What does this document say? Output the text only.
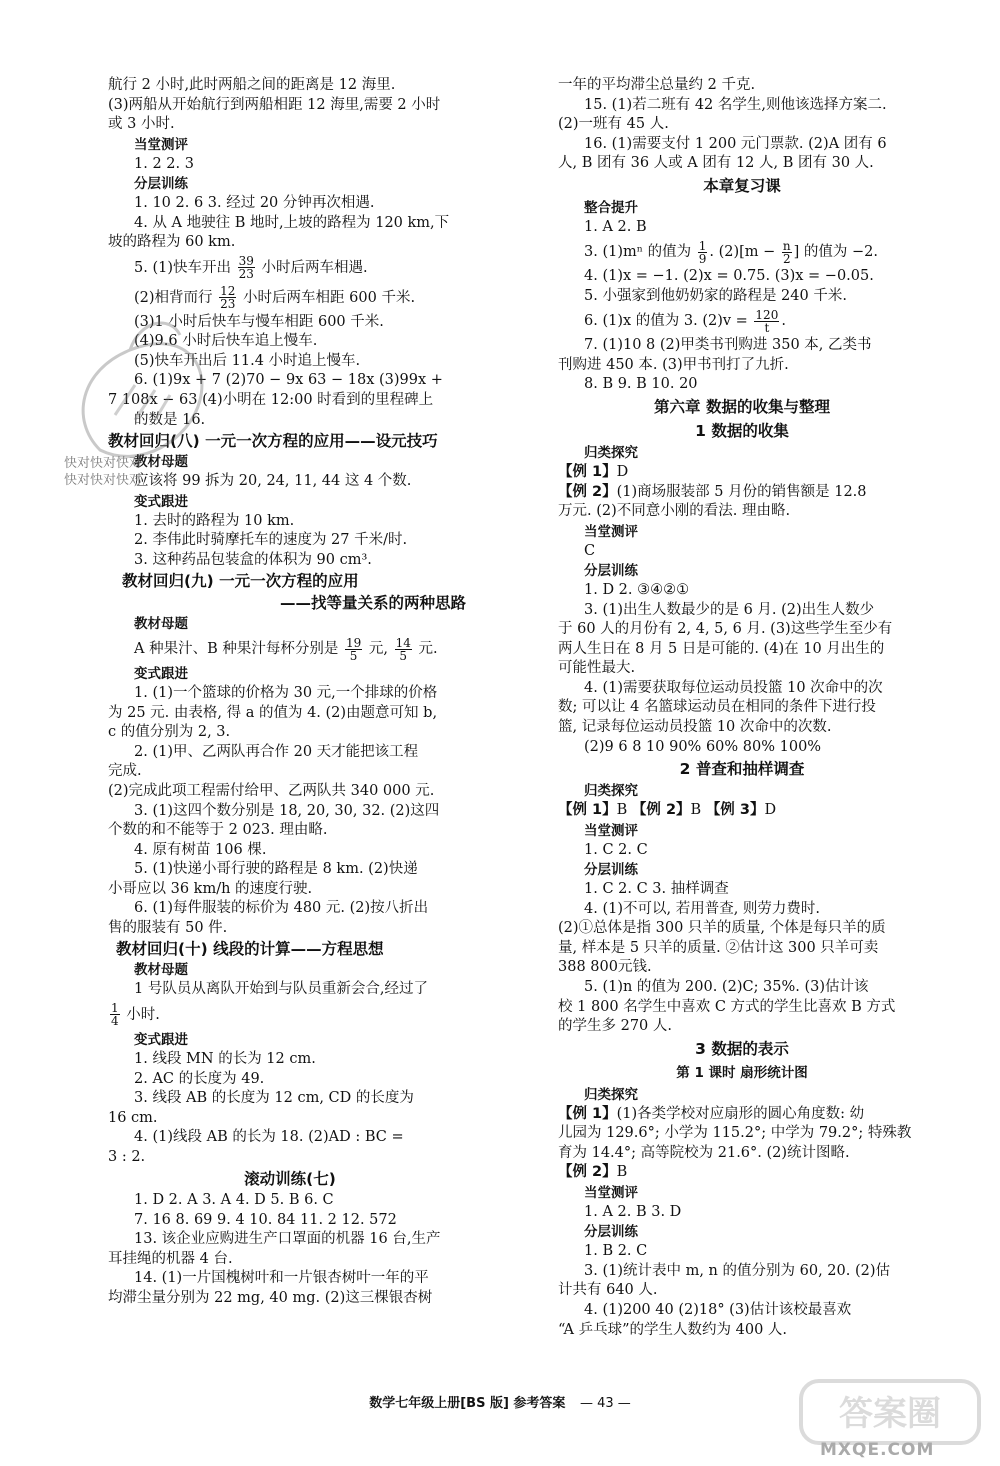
航行 2 小时,此时两船之间的距离是 12 海里.
(3)两船从开始航行到两船相距 12 海里,需要 2 小时
或 3 小时.
当堂测评
1. 2 2. 3
分层训练
1. 10 2. 6 3. 经过 20 分钟再次相遇.
4. 从 A 地驶往 B 地时,上坡的路程为 120 km,下
坡的路程为 60 km.
5. (1)快车开出 $\frac{39}{23}$ 小时后两车相遇.
(2)相背而行 $\frac{12}{23}$ 小时后两车相距 600 千米.
(3)1 小时后快车与慢车相距 600 千米.
(4)9.6 小时后快车追上慢车.
(5)快车开出后 11.4 小时追上慢车.
6. (1)9x + 7 (2)70 − 9x 63 − 18x (3)99x +
7 108x − 63 (4)小明在 12:00 时看到的里程碑上
的数是 16.
教材回归(八) 一元一次方程的应用——设元技巧
教材母题
应该将 99 拆为 20, 24, 11, 44 这 4 个数.
变式跟进
1. 去时的路程为 10 km.
2. 李伟此时骑摩托车的速度为 27 千米/时.
3. 这种药品包装盒的体积为 90 cm³.
教材回归(九) 一元一次方程的应用
——找等量关系的两种思路
教材母题
A 种果汁、B 种果汁每杯分别是 $\frac{19}{5}$ 元, $\frac{14}{5}$ 元.
变式跟进
1. (1)一个篮球的价格为 30 元,一个排球的价格
为 25 元. 由表格, 得 a 的值为 4. (2)由题意可知 b,
c 的值分别为 2, 3.
2. (1)甲、乙两队再合作 20 天才能把该工程
完成.
(2)完成此项工程需付给甲、乙两队共 340 000 元.
3. (1)这四个数分别是 18, 20, 30, 32. (2)这四
个数的和不能等于 2 023. 理由略.
4. 原有树苗 106 棵.
5. (1)快递小哥行驶的路程是 8 km. (2)快递
小哥应以 36 km/h 的速度行驶.
6. (1)每件服装的标价为 480 元. (2)按八折出
售的服装有 50 件.
教材回归(十) 线段的计算——方程思想
教材母题
1 号队员从离队开始到与队员重新会合,经过了
$\frac{1}{4}$ 小时.
变式跟进
1. 线段 MN 的长为 12 cm.
2. AC 的长度为 49.
3. 线段 AB 的长度为 12 cm, CD 的长度为
16 cm.
4. (1)线段 AB 的长为 18. (2)AD : BC =
3 : 2.
滚动训练(七)
1. D 2. A 3. A 4. D 5. B 6. C
7. 16 8. 69 9. 4 10. 84 11. 2 12. 572
13. 该企业应购进生产口罩面的机器 16 台,生产
耳挂绳的机器 4 台.
14. (1)一片国槐树叶和一片银杏树叶一年的平
均滞尘量分别为 22 mg, 40 mg. (2)这三棵银杏树
一年的平均滞尘总量约 2 千克.
15. (1)若二班有 42 名学生,则他该选择方案二.
(2)一班有 45 人.
16. (1)需要支付 1 200 元门票款. (2)A 团有 6
人, B 团有 36 人或 A 团有 12 人, B 团有 30 人.
本章复习课
整合提升
1. A 2. B
3. (1)mⁿ 的值为 $\frac{1}{9}$ . $(2)[m - \frac{n}{2}$ ] 的值为 −2.
4. (1)x = −1. (2)x = 0.75. (3)x = −0.05.
5. 小强家到他奶奶家的路程是 240 千米.
6. (1)x 的值为 3. $(2)v = \frac{120}{t}$ .
7. (1)10 8 (2)甲类书刊购进 350 本, 乙类书
刊购进 450 本. (3)甲书刊打了九折.
8. B 9. B 10. 20
第六章 数据的收集与整理
1 数据的收集
归类探究
【例 1】D
【例 2】(1)商场服装部 5 月份的销售额是 12.8
万元. (2)不同意小刚的看法. 理由略.
当堂测评
C
分层训练
1. D 2. ③④②①
3. (1)出生人数最少的是 6 月. (2)出生人数少
于 60 人的月份有 2, 4, 5, 6 月. (3)这些学生至少有
两人生日在 8 月 5 日是可能的. (4)在 10 月出生的
可能性最大.
4. (1)需要获取每位运动员投篮 10 次命中的次
数; 可以让 4 名篮球运动员在相同的条件下进行投
篮, 记录每位运动员投篮 10 次命中的次数.
(2)9 6 8 10 90% 60% 80% 100%
2 普查和抽样调查
归类探究
【例 1】B 【例 2】B 【例 3】D
当堂测评
1. C 2. C
分层训练
1. C 2. C 3. 抽样调查
4. (1)不可以, 若用普查, 则劳力费时.
(2)①总体是指 300 只羊的质量, 个体是每只羊的质
量, 样本是 5 只羊的质量. ②估计这 300 只羊可卖
388 800元钱.
5. (1)n 的值为 200. (2)C; 35%. (3)估计该
校 1 800 名学生中喜欢 C 方式的学生比喜欢 B 方式
的学生多 270 人.
3 数据的表示
第 1 课时 扇形统计图
归类探究
【例 1】(1)各类学校对应扇形的圆心角度数: 幼
儿园为 129.6°; 小学为 115.2°; 中学为 79.2°; 特殊教
育为 14.4°; 高等院校为 21.6°. (2)统计图略.
【例 2】B
当堂测评
1. A 2. B 3. D
分层训练
1. B 2. C
3. (1)统计表中 m, n 的值分别为 60, 20. (2)估
计共有 640 人.
4. (1)200 40 (2)18° (3)估计该校最喜欢
“A 乒乓球”的学生人数约为 400 人.
快对快对快对
快对快对快对
数学七年级上册[BS 版] 参考答案 — 43 —	答案圈
MXQE.COM
